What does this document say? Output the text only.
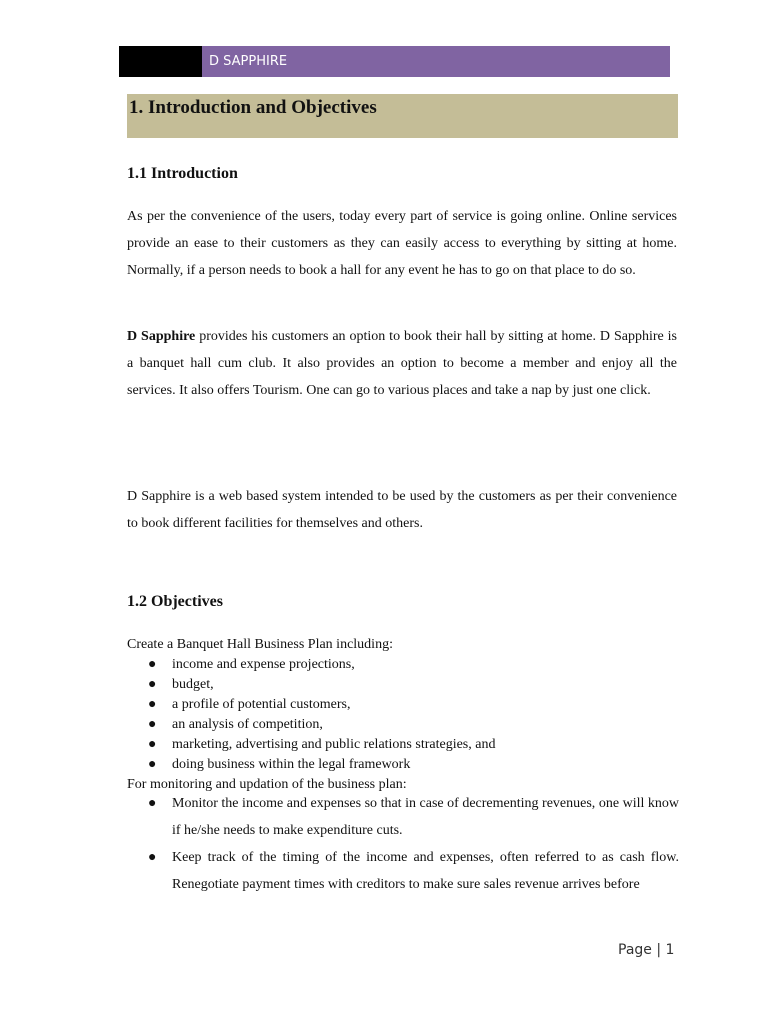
D SAPPHIRE
1. Introduction and Objectives
1.1 Introduction

As per the convenience of the users, today every part of service is going online. Online services provide an ease to their customers as they can easily access to everything by sitting at home. Normally, if a person needs to book a hall for any event he has to go on that place to do so.

D Sapphire provides his customers an option to book their hall by sitting at home. D Sapphire is a banquet hall cum club. It also provides an option to become a member and enjoy all the services. It also offers Tourism. One can go to various places and take a nap by just one click.

D Sapphire is a web based system intended to be used by the customers as per their convenience to book different facilities for themselves and others.

1.2 Objectives

Create a Banquet Hall Business Plan including:

● income and expense projections,
● budget,
● a profile of potential customers,
● an analysis of competition,
● marketing, advertising and public relations strategies, and
● doing business within the legal framework

For monitoring and updation of the business plan:

● Monitor the income and expenses so that in case of decrementing revenues, one will know if he/she needs to make expenditure cuts.
● Keep track of the timing of the income and expenses, often referred to as cash flow. Renegotiate payment times with creditors to make sure sales revenue arrives before
Page | 1
